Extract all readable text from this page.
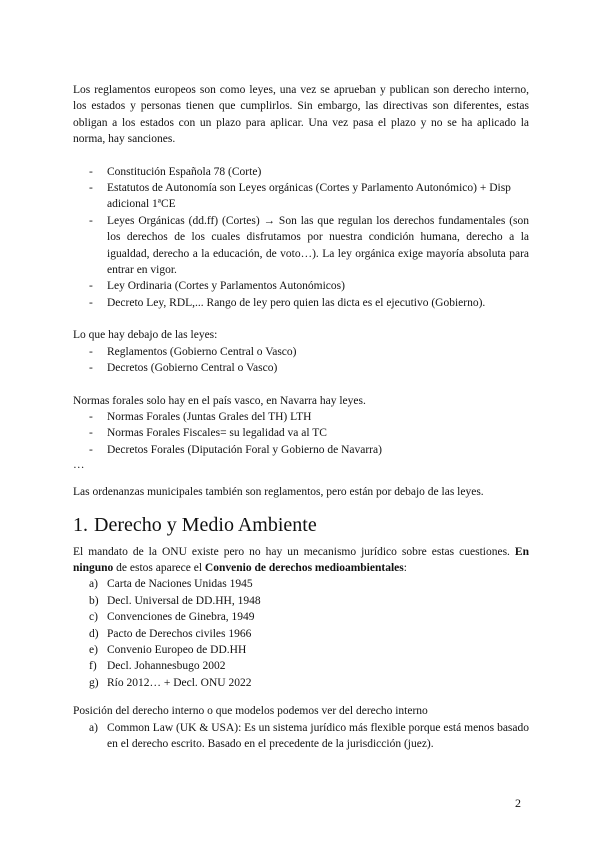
Los reglamentos europeos son como leyes, una vez se aprueban y publican son derecho interno, los estados y personas tienen que cumplirlos. Sin embargo, las directivas son diferentes, estas obligan a los estados con un plazo para aplicar. Una vez pasa el plazo y no se ha aplicado la norma, hay sanciones.

- Constitución Española 78 (Corte)
- Estatutos de Autonomía son Leyes orgánicas (Cortes y Parlamento Autonómico) + Disp adicional 1ªCE
- Leyes Orgánicas (dd.ff) (Cortes) → Son las que regulan los derechos fundamentales (son los derechos de los cuales disfrutamos por nuestra condición humana, derecho a la igualdad, derecho a la educación, de voto…). La ley orgánica exige mayoría absoluta para entrar en vigor.
- Ley Ordinaria (Cortes y Parlamentos Autonómicos)
- Decreto Ley, RDL,... Rango de ley pero quien las dicta es el ejecutivo (Gobierno).

Lo que hay debajo de las leyes:

- Reglamentos (Gobierno Central o Vasco)
- Decretos (Gobierno Central o Vasco)

Normas forales solo hay en el país vasco, en Navarra hay leyes.

- Normas Forales (Juntas Grales del TH) LTH
- Normas Forales Fiscales= su legalidad va al TC
- Decretos Forales (Diputación Foral y Gobierno de Navarra)

…

Las ordenanzas municipales también son reglamentos, pero están por debajo de las leyes.

1. Derecho y Medio Ambiente

El mandato de la ONU existe pero no hay un mecanismo jurídico sobre estas cuestiones. En ninguno de estos aparece el Convenio de derechos medioambientales:

a) Carta de Naciones Unidas 1945
b) Decl. Universal de DD.HH, 1948
c) Convenciones de Ginebra, 1949
d) Pacto de Derechos civiles 1966
e) Convenio Europeo de DD.HH
f) Decl. Johannesbugo 2002
g) Río 2012… + Decl. ONU 2022

Posición del derecho interno o que modelos podemos ver del derecho interno

a) Common Law (UK & USA): Es un sistema jurídico más flexible porque está menos basado en el derecho escrito. Basado en el precedente de la jurisdicción (juez).
2
